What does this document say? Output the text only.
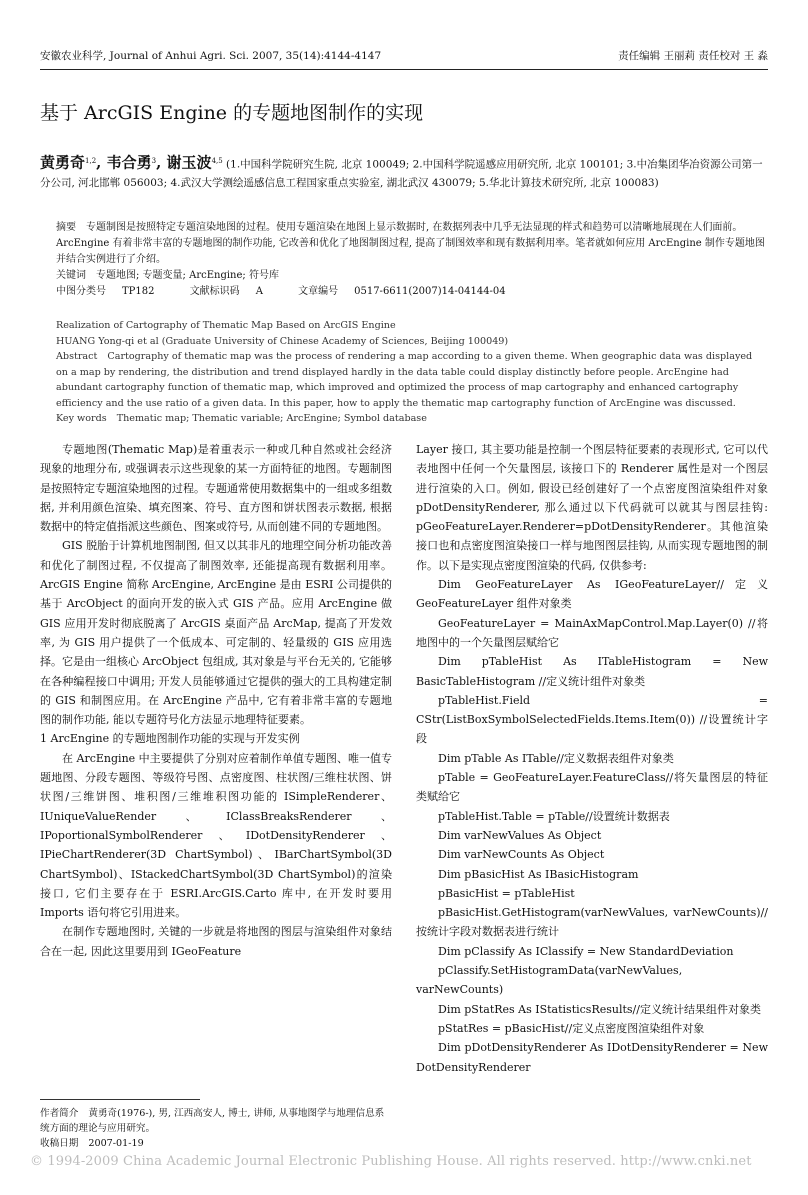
安徽农业科学, Journal of Anhui Agri. Sci. 2007, 35(14):4144-4147	责任编辑 王丽莉 责任校对 王 淼
基于 ArcGIS Engine 的专题地图制作的实现
黄勇奇$^{1,2}$, 韦合勇$^3$, 谢玉波$^{4,5}$ (1.中国科学院研究生院, 北京 100049; 2.中国科学院遥感应用研究所, 北京 100101; 3.中冶集团华冶资源公司第一分公司, 河北邯郸 056003; 4.武汉大学测绘遥感信息工程国家重点实验室, 湖北武汉 430079; 5.华北计算技术研究所, 北京 100083)

摘要 专题制图是按照特定专题渲染地图的过程。使用专题渲染在地图上显示数据时, 在数据列表中几乎无法显现的样式和趋势可以清晰地展现在人们面前。ArcEngine 有着非常丰富的专题地图的制作功能, 它改善和优化了地图制图过程, 提高了制图效率和现有数据利用率。笔者就如何应用 ArcEngine 制作专题地图并结合实例进行了介绍。

关键词 专题地图; 专题变量; ArcEngine; 符号库

中图分类号 TP182	文献标识码 A	文章编号 0517-6611(2007)14-04144-04

Realization of Cartography of Thematic Map Based on ArcGIS Engine

HUANG Yong-qi et al (Graduate University of Chinese Academy of Sciences, Beijing 100049)

Abstract Cartography of thematic map was the process of rendering a map according to a given theme. When geographic data was displayed on a map by rendering, the distribution and trend displayed hardly in the data table could display distinctly before people. ArcEngine had abundant cartography function of thematic map, which improved and optimized the process of map cartography and enhanced cartography efficiency and the use ratio of a given data. In this paper, how to apply the thematic map cartography function of ArcEngine was discussed.

Key words Thematic map; Thematic variable; ArcEngine; Symbol database

专题地图(Thematic Map)是着重表示一种或几种自然或社会经济现象的地理分布, 或强调表示这些现象的某一方面特征的地图。专题制图是按照特定专题渲染地图的过程。专题通常使用数据集中的一组或多组数据, 并利用颜色渲染、填充图案、符号、直方图和饼状图表示数据, 根据数据中的特定值指派这些颜色、图案或符号, 从而创建不同的专题地图。

GIS 脱胎于计算机地图制图, 但又以其非凡的地理空间分析功能改善和优化了制图过程, 不仅提高了制图效率, 还能提高现有数据利用率。ArcGIS Engine 简称 ArcEngine, ArcEngine 是由 ESRI 公司提供的基于 ArcObject 的面向开发的嵌入式 GIS 产品。应用 ArcEngine 做 GIS 应用开发时彻底脱离了 ArcGIS 桌面产品 ArcMap, 提高了开发效率, 为 GIS 用户提供了一个低成本、可定制的、轻量级的 GIS 应用选择。它是由一组核心 ArcObject 包组成, 其对象是与平台无关的, 它能够在各种编程接口中调用; 开发人员能够通过它提供的强大的工具构建定制的 GIS 和制图应用。在 ArcEngine 产品中, 它有着非常丰富的专题地图的制作功能, 能以专题符号化方法显示地理特征要素。

1 ArcEngine 的专题地图制作功能的实现与开发实例

在 ArcEngine 中主要提供了分别对应着制作单值专题图、唯一值专题地图、分段专题图、等级符号图、点密度图、柱状图/三维柱状图、饼状图/三维饼图、堆积图/三维堆积图功能的 ISimpleRenderer、IUniqueValueRender、IClassBreaksRenderer、IPoportionalSymbolRenderer、IDotDensityRenderer、IPieChartRenderer(3D ChartSymbol)、IBarChartSymbol(3D ChartSymbol)、IStackedChartSymbol(3D ChartSymbol)的渲染接口, 它们主要存在于 ESRI.ArcGIS.Carto 库中, 在开发时要用 Imports 语句将它引用进来。

在制作专题地图时, 关键的一步就是将地图的图层与渲染组件对象结合在一起, 因此这里要用到 IGeoFeature

Layer 接口, 其主要功能是控制一个图层特征要素的表现形式, 它可以代表地图中任何一个矢量图层, 该接口下的 Renderer 属性是对一个图层进行渲染的入口。例如, 假设已经创建好了一个点密度图渲染组件对象 pDotDensityRenderer, 那么通过以下代码就可以就其与图层挂钩: pGeoFeatureLayer.Renderer=pDotDensityRenderer。其他渲染接口也和点密度图渲染接口一样与地图图层挂钩, 从而实现专题地图的制作。以下是实现点密度图渲染的代码, 仅供参考:

Dim GeoFeatureLayer As IGeoFeatureLayer//定义 GeoFeatureLayer 组件对象类

GeoFeatureLayer = MainAxMapControl.Map.Layer(0) //将地图中的一个矢量图层赋给它

Dim pTableHist As ITableHistogram = New BasicTableHistogram //定义统计组件对象类

pTableHist.Field = CStr(ListBoxSymbolSelectedFields.Items.Item(0)) //设置统计字段

Dim pTable As ITable//定义数据表组件对象类

pTable = GeoFeatureLayer.FeatureClass//将矢量图层的特征类赋给它

pTableHist.Table = pTable//设置统计数据表

Dim varNewValues As Object

Dim varNewCounts As Object

Dim pBasicHist As IBasicHistogram

pBasicHist = pTableHist

pBasicHist.GetHistogram(varNewValues, varNewCounts)//按统计字段对数据表进行统计

Dim pClassify As IClassify = New StandardDeviation

pClassify.SetHistogramData(varNewValues, varNewCounts)

Dim pStatRes As IStatisticsResults//定义统计结果组件对象类

pStatRes = pBasicHist//定义点密度图渲染组件对象

Dim pDotDensityRenderer As IDotDensityRenderer = New DotDensityRenderer

作者简介 黄勇奇(1976-), 男, 江西高安人, 博士, 讲师, 从事地图学与地理信息系统方面的理论与应用研究。

收稿日期 2007-01-19

© 1994-2009 China Academic Journal Electronic Publishing House. All rights reserved. http://www.cnki.net
